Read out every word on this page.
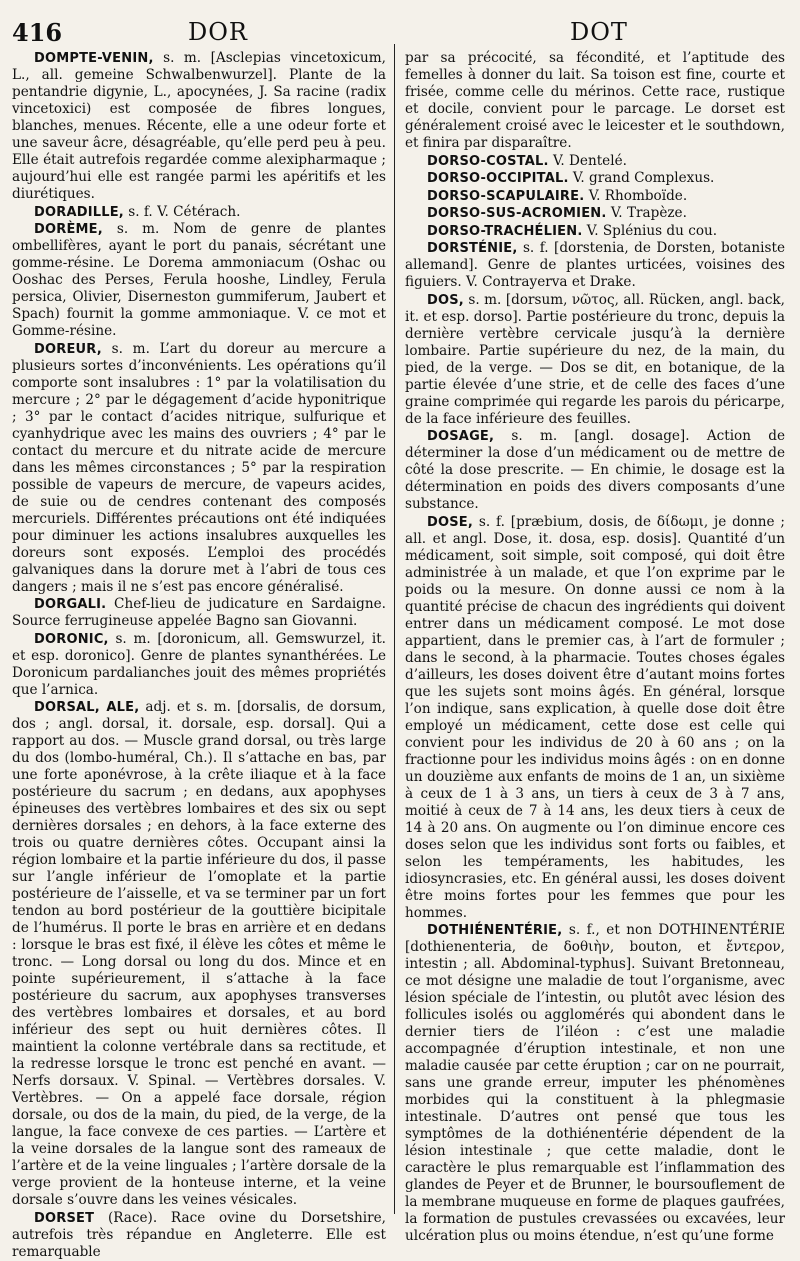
416	DOR	DOT

DOMPTE-VENIN, s. m. [Asclepias vincetoxicum, L., all. gemeine Schwalbenwurzel]. Plante de la pentandrie digynie, L., apocynées, J. Sa racine (radix vincetoxici) est composée de fibres longues, blanches, menues. Récente, elle a une odeur forte et une saveur âcre, désagréable, qu’elle perd peu à peu. Elle était autrefois regardée comme alexipharmaque ; aujourd’hui elle est rangée parmi les apéritifs et les diurétiques.

DORADILLE, s. f. V. Cétérach.

DORÈME, s. m. Nom de genre de plantes ombellifères, ayant le port du panais, sécrétant une gomme-résine. Le Dorema ammoniacum (Oshac ou Ooshac des Perses, Ferula hooshe, Lindley, Ferula persica, Olivier, Diserneston gummiferum, Jaubert et Spach) fournit la gomme ammoniaque. V. ce mot et Gomme-résine.

DOREUR, s. m. L’art du doreur au mercure a plusieurs sortes d’inconvénients. Les opérations qu’il comporte sont insalubres : 1° par la volatilisation du mercure ; 2° par le dégagement d’acide hyponitrique ; 3° par le contact d’acides nitrique, sulfurique et cyanhydrique avec les mains des ouvriers ; 4° par le contact du mercure et du nitrate acide de mercure dans les mêmes circonstances ; 5° par la respiration possible de vapeurs de mercure, de vapeurs acides, de suie ou de cendres contenant des composés mercuriels. Différentes précautions ont été indiquées pour diminuer les actions insalubres auxquelles les doreurs sont exposés. L’emploi des procédés galvaniques dans la dorure met à l’abri de tous ces dangers ; mais il ne s’est pas encore généralisé.

DORGALI. Chef-lieu de judicature en Sardaigne. Source ferrugineuse appelée Bagno san Giovanni.

DORONIC, s. m. [doronicum, all. Gemswurzel, it. et esp. doronico]. Genre de plantes synanthérées. Le Doronicum pardalianches jouit des mêmes propriétés que l’arnica.

DORSAL, ALE, adj. et s. m. [dorsalis, de dorsum, dos ; angl. dorsal, it. dorsale, esp. dorsal]. Qui a rapport au dos. — Muscle grand dorsal, ou très large du dos (lombo-huméral, Ch.). Il s’attache en bas, par une forte aponévrose, à la crête iliaque et à la face postérieure du sacrum ; en dedans, aux apophyses épineuses des vertèbres lombaires et des six ou sept dernières dorsales ; en dehors, à la face externe des trois ou quatre dernières côtes. Occupant ainsi la région lombaire et la partie inférieure du dos, il passe sur l’angle inférieur de l’omoplate et la partie postérieure de l’aisselle, et va se terminer par un fort tendon au bord postérieur de la gouttière bicipitale de l’humérus. Il porte le bras en arrière et en dedans : lorsque le bras est fixé, il élève les côtes et même le tronc. — Long dorsal ou long du dos. Mince et en pointe supérieurement, il s’attache à la face postérieure du sacrum, aux apophyses transverses des vertèbres lombaires et dorsales, et au bord inférieur des sept ou huit dernières côtes. Il maintient la colonne vertébrale dans sa rectitude, et la redresse lorsque le tronc est penché en avant. — Nerfs dorsaux. V. Spinal. — Vertèbres dorsales. V. Vertèbres. — On a appelé face dorsale, région dorsale, ou dos de la main, du pied, de la verge, de la langue, la face convexe de ces parties. — L’artère et la veine dorsales de la langue sont des rameaux de l’artère et de la veine linguales ; l’artère dorsale de la verge provient de la honteuse interne, et la veine dorsale s’ouvre dans les veines vésicales.

DORSET (Race). Race ovine du Dorsetshire, autrefois très répandue en Angleterre. Elle est remarquable

par sa précocité, sa fécondité, et l’aptitude des femelles à donner du lait. Sa toison est fine, courte et frisée, comme celle du mérinos. Cette race, rustique et docile, convient pour le parcage. Le dorset est généralement croisé avec le leicester et le southdown, et finira par disparaître.

DORSO-COSTAL. V. Dentelé.

DORSO-OCCIPITAL. V. grand Complexus.

DORSO-SCAPULAIRE. V. Rhomboïde.

DORSO-SUS-ACROMIEN. V. Trapèze.

DORSO-TRACHÉLIEN. V. Splénius du cou.

DORSTÉNIE, s. f. [dorstenia, de Dorsten, botaniste allemand]. Genre de plantes urticées, voisines des figuiers. V. Contrayerva et Drake.

DOS, s. m. [dorsum, νῶτος, all. Rücken, angl. back, it. et esp. dorso]. Partie postérieure du tronc, depuis la dernière vertèbre cervicale jusqu’à la dernière lombaire. Partie supérieure du nez, de la main, du pied, de la verge. — Dos se dit, en botanique, de la partie élevée d’une strie, et de celle des faces d’une graine comprimée qui regarde les parois du péricarpe, de la face inférieure des feuilles.

DOSAGE, s. m. [angl. dosage]. Action de déterminer la dose d’un médicament ou de mettre de côté la dose prescrite. — En chimie, le dosage est la détermination en poids des divers composants d’une substance.

DOSE, s. f. [præbium, dosis, de δίδωμι, je donne ; all. et angl. Dose, it. dosa, esp. dosis]. Quantité d’un médicament, soit simple, soit composé, qui doit être administrée à un malade, et que l’on exprime par le poids ou la mesure. On donne aussi ce nom à la quantité précise de chacun des ingrédients qui doivent entrer dans un médicament composé. Le mot dose appartient, dans le premier cas, à l’art de formuler ; dans le second, à la pharmacie. Toutes choses égales d’ailleurs, les doses doivent être d’autant moins fortes que les sujets sont moins âgés. En général, lorsque l’on indique, sans explication, à quelle dose doit être employé un médicament, cette dose est celle qui convient pour les individus de 20 à 60 ans ; on la fractionne pour les individus moins âgés : on en donne un douzième aux enfants de moins de 1 an, un sixième à ceux de 1 à 3 ans, un tiers à ceux de 3 à 7 ans, moitié à ceux de 7 à 14 ans, les deux tiers à ceux de 14 à 20 ans. On augmente ou l’on diminue encore ces doses selon que les individus sont forts ou faibles, et selon les tempéraments, les habitudes, les idiosyncrasies, etc. En général aussi, les doses doivent être moins fortes pour les femmes que pour les hommes.

DOTHIÉNENTÉRIE, s. f., et non DOTHINENTÉRIE [dothienenteria, de δοθιὴν, bouton, et ἔντερον, intestin ; all. Abdominal-typhus]. Suivant Bretonneau, ce mot désigne une maladie de tout l’organisme, avec lésion spéciale de l’intestin, ou plutôt avec lésion des follicules isolés ou agglomérés qui abondent dans le dernier tiers de l’iléon : c’est une maladie accompagnée d’éruption intestinale, et non une maladie causée par cette éruption ; car on ne pourrait, sans une grande erreur, imputer les phénomènes morbides qui la constituent à la phlegmasie intestinale. D’autres ont pensé que tous les symptômes de la dothiénentérie dépendent de la lésion intestinale ; que cette maladie, dont le caractère le plus remarquable est l’inflammation des glandes de Peyer et de Brunner, le boursouflement de la membrane muqueuse en forme de plaques gaufrées, la formation de pustules crevassées ou excavées, leur ulcération plus ou moins étendue, n’est qu’une forme
